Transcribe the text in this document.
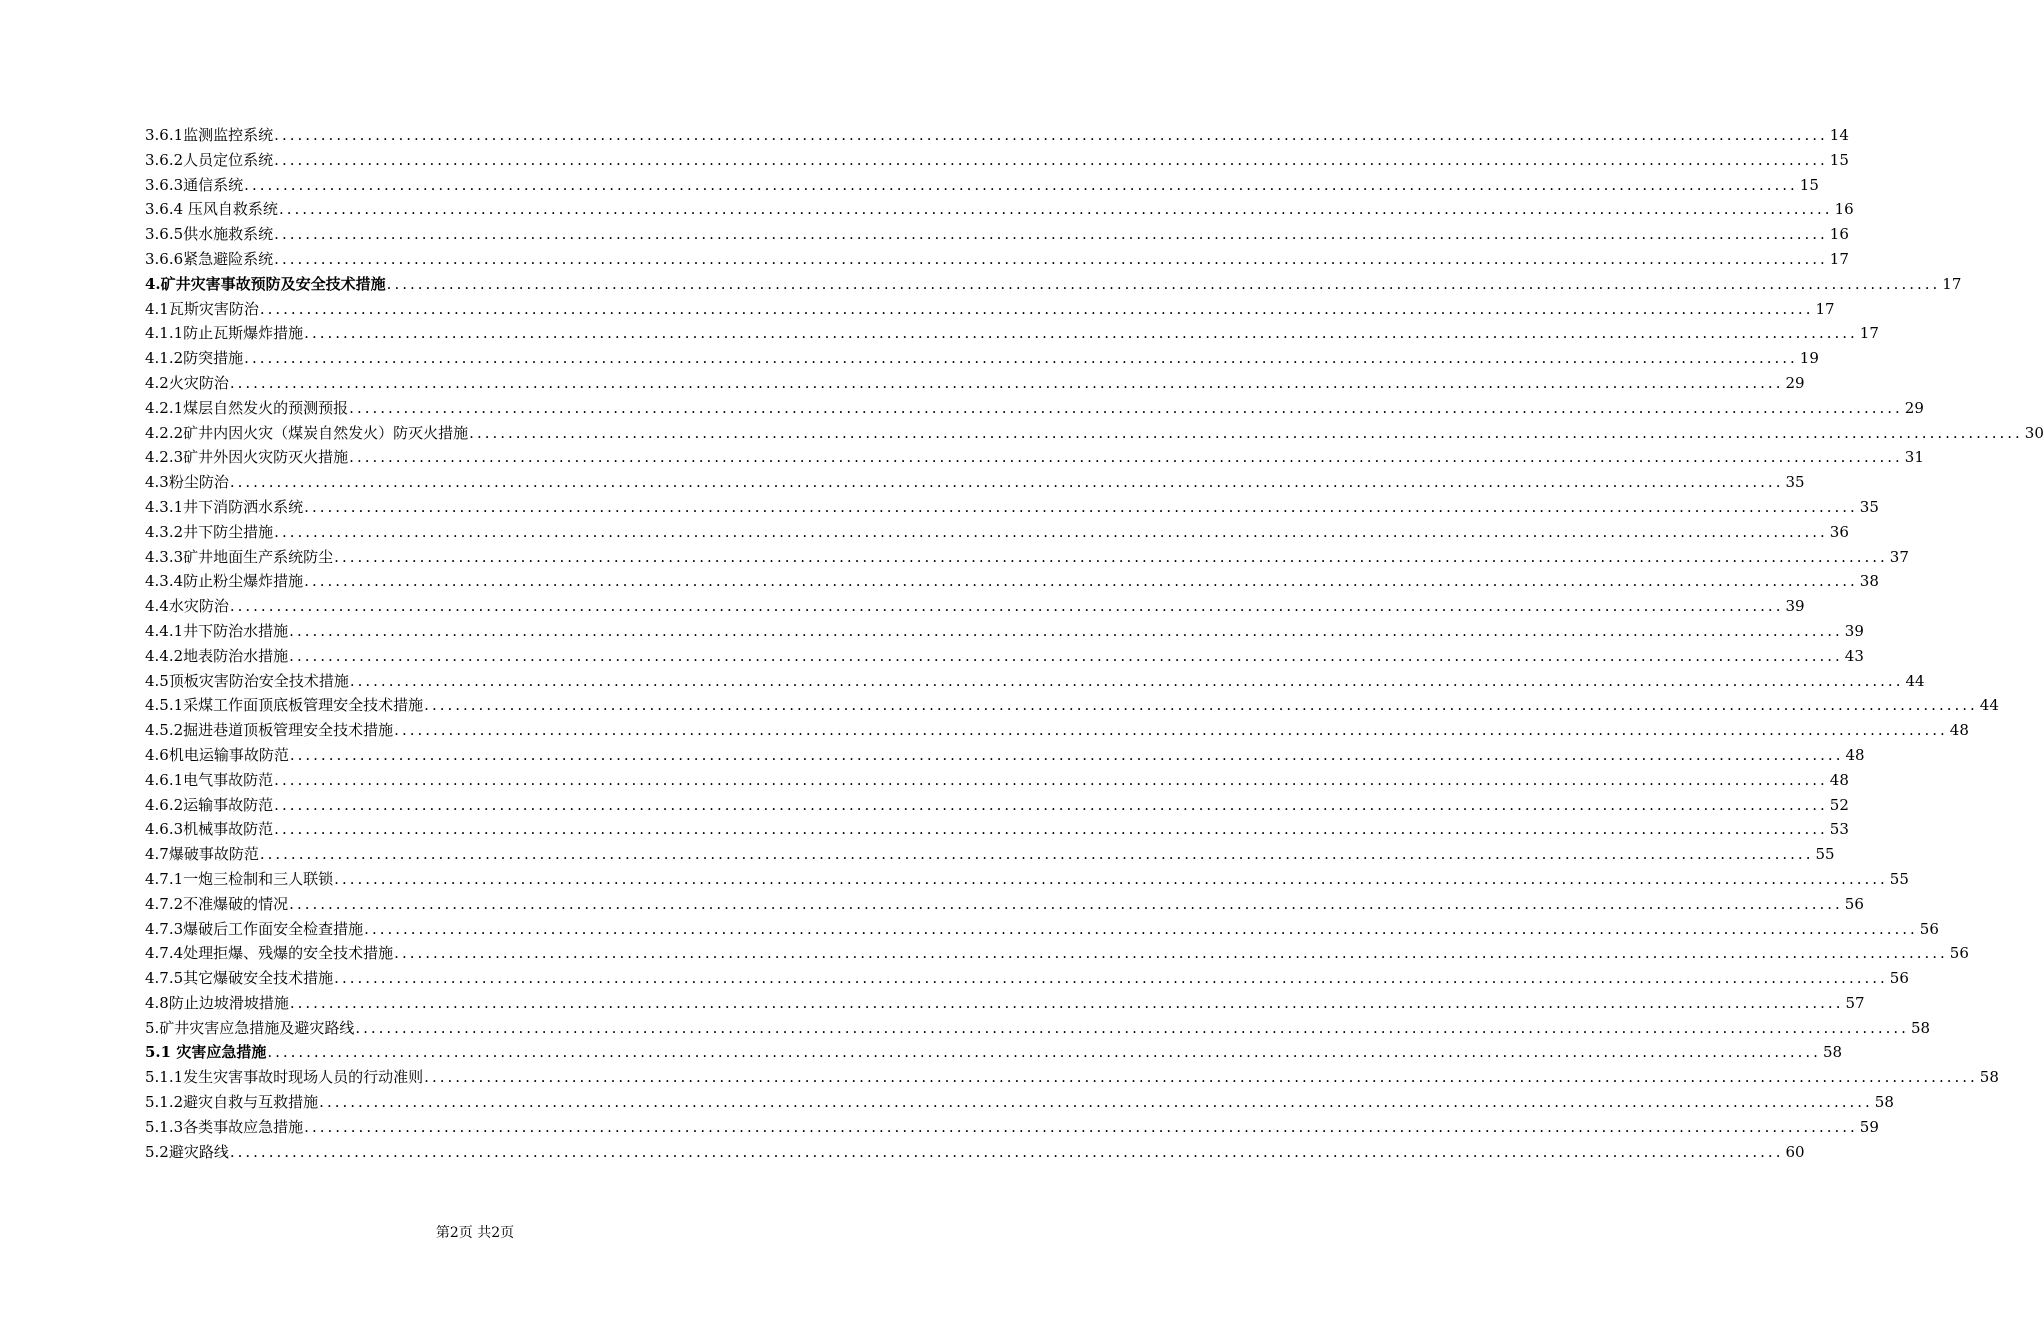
3.6.1监测监控系统 ........................................................................................................................................................................................................ 14
3.6.2人员定位系统 ........................................................................................................................................................................................................ 15
3.6.3通信系统 ........................................................................................................................................................................................................ 15
3.6.4 压风自救系统 ........................................................................................................................................................................................................ 16
3.6.5供水施救系统 ........................................................................................................................................................................................................ 16
3.6.6紧急避险系统 ........................................................................................................................................................................................................ 17
4.矿井灾害事故预防及安全技术措施 ........................................................................................................................................................................................................ 17
4.1瓦斯灾害防治 ........................................................................................................................................................................................................ 17
4.1.1防止瓦斯爆炸措施 ........................................................................................................................................................................................................ 17
4.1.2防突措施 ........................................................................................................................................................................................................ 19
4.2火灾防治 ........................................................................................................................................................................................................ 29
4.2.1煤层自然发火的预测预报 ........................................................................................................................................................................................................ 29
4.2.2矿井内因火灾（煤炭自然发火）防灭火措施 ........................................................................................................................................................................................................ 30
4.2.3矿井外因火灾防灭火措施 ........................................................................................................................................................................................................ 31
4.3粉尘防治 ........................................................................................................................................................................................................ 35
4.3.1井下消防洒水系统 ........................................................................................................................................................................................................ 35
4.3.2井下防尘措施 ........................................................................................................................................................................................................ 36
4.3.3矿井地面生产系统防尘 ........................................................................................................................................................................................................ 37
4.3.4防止粉尘爆炸措施 ........................................................................................................................................................................................................ 38
4.4水灾防治 ........................................................................................................................................................................................................ 39
4.4.1井下防治水措施 ........................................................................................................................................................................................................ 39
4.4.2地表防治水措施 ........................................................................................................................................................................................................ 43
4.5顶板灾害防治安全技术措施 ........................................................................................................................................................................................................ 44
4.5.1采煤工作面顶底板管理安全技术措施 ........................................................................................................................................................................................................ 44
4.5.2掘进巷道顶板管理安全技术措施 ........................................................................................................................................................................................................ 48
4.6机电运输事故防范 ........................................................................................................................................................................................................ 48
4.6.1电气事故防范 ........................................................................................................................................................................................................ 48
4.6.2运输事故防范 ........................................................................................................................................................................................................ 52
4.6.3机械事故防范 ........................................................................................................................................................................................................ 53
4.7爆破事故防范 ........................................................................................................................................................................................................ 55
4.7.1一炮三检制和三人联锁 ........................................................................................................................................................................................................ 55
4.7.2不准爆破的情况 ........................................................................................................................................................................................................ 56
4.7.3爆破后工作面安全检查措施 ........................................................................................................................................................................................................ 56
4.7.4处理拒爆、残爆的安全技术措施 ........................................................................................................................................................................................................ 56
4.7.5其它爆破安全技术措施 ........................................................................................................................................................................................................ 56
4.8防止边坡滑坡措施 ........................................................................................................................................................................................................ 57
5.矿井灾害应急措施及避灾路线 ........................................................................................................................................................................................................ 58
5.1 灾害应急措施 ........................................................................................................................................................................................................ 58
5.1.1发生灾害事故时现场人员的行动准则 ........................................................................................................................................................................................................ 58
5.1.2避灾自救与互救措施 ........................................................................................................................................................................................................ 58
5.1.3各类事故应急措施 ........................................................................................................................................................................................................ 59
5.2避灾路线 ........................................................................................................................................................................................................ 60
第2页 共2页
